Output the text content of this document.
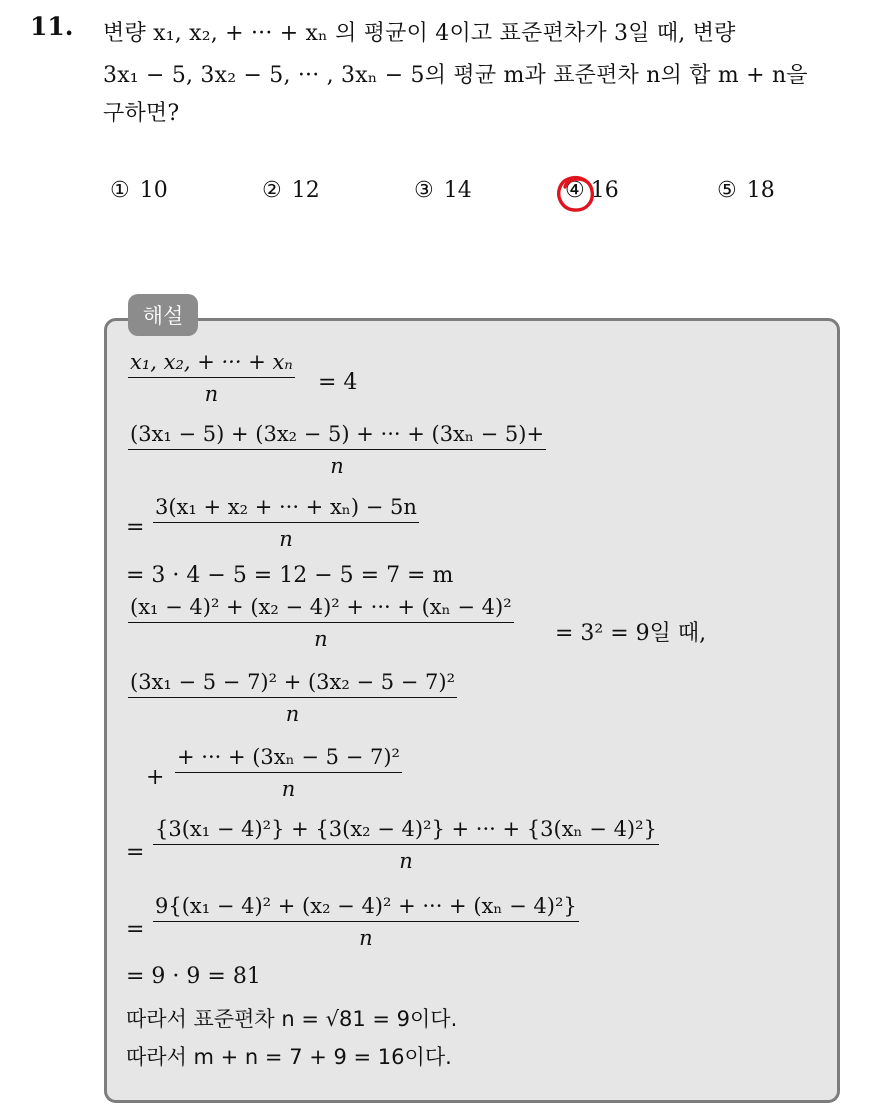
11. 변량 x₁, x₂, + ··· + xₙ 의 평균이 4이고 표준편차가 3일 때, 변량
3x₁ − 5, 3x₂ − 5, ··· , 3xₙ − 5의 평균 m과 표준편차 n의 합 m + n을
구하면?
① 10	② 12	③ 14	④ 16	⑤ 18
해설
$\frac{\text{x₁, x₂, + ··· + xₙ}}{n} = 4$
$\frac{\text{(3x₁ − 5) + (3x₂ − 5) + ··· + (3xₙ − 5)+}}{n}$
= $\frac{\text{3(x₁ + x₂ + ··· + xₙ) − 5n}}{n}$
= 3 · 4 − 5 = 12 − 5 = 7 = m
$\frac{\text{(x₁ − 4)² + (x₂ − 4)² + ··· + (xₙ − 4)²}}{n} = 3^2 = 9$일 때,
$\frac{\text{(3x₁ − 5 − 7)² + (3x₂ − 5 − 7)²}}{n}$
+ $\frac{\text{+ ··· + (3xₙ − 5 − 7)²}}{n}$
= $\frac{\text{\{3(x₁ − 4)²\} + \{3(x₂ − 4)²\} + ··· + \{3(xₙ − 4)²\}}}{n}$
= $\frac{\text{9\{(x₁ − 4)² + (x₂ − 4)² + ··· + (xₙ − 4)²\}}}{n}$
= 9 · 9 = 81
따라서 표준편차 n = √81 = 9이다.
따라서 m + n = 7 + 9 = 16이다.
